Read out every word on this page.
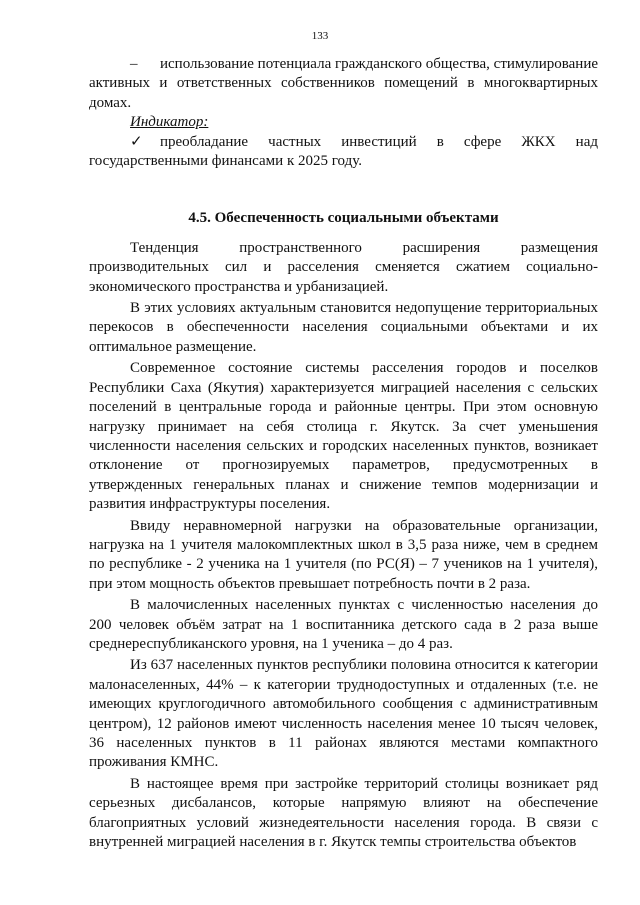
133

– использование потенциала гражданского общества, стимулирование активных и ответственных собственников помещений в многоквартирных домах.

Индикатор:

✓ преобладание частных инвестиций в сфере ЖКХ над государственными финансами к 2025 году.

4.5. Обеспеченность социальными объектами

Тенденция пространственного расширения размещения производительных сил и расселения сменяется сжатием социально-экономического пространства и урбанизацией.

В этих условиях актуальным становится недопущение территориальных перекосов в обеспеченности населения социальными объектами и их оптимальное размещение.

Современное состояние системы расселения городов и поселков Республики Саха (Якутия) характеризуется миграцией населения с сельских поселений в центральные города и районные центры. При этом основную нагрузку принимает на себя столица г. Якутск. За счет уменьшения численности населения сельских и городских населенных пунктов, возникает отклонение от прогнозируемых параметров, предусмотренных в утвержденных генеральных планах и снижение темпов модернизации и развития инфраструктуры поселения.

Ввиду неравномерной нагрузки на образовательные организации, нагрузка на 1 учителя малокомплектных школ в 3,5 раза ниже, чем в среднем по республике - 2 ученика на 1 учителя (по РС(Я) – 7 учеников на 1 учителя), при этом мощность объектов превышает потребность почти в 2 раза.

В малочисленных населенных пунктах с численностью населения до 200 человек объём затрат на 1 воспитанника детского сада в 2 раза выше среднереспубликанского уровня, на 1 ученика – до 4 раз.

Из 637 населенных пунктов республики половина относится к категории малонаселенных, 44% – к категории труднодоступных и отдаленных (т.е. не имеющих круглогодичного автомобильного сообщения с административным центром), 12 районов имеют численность населения менее 10 тысяч человек, 36 населенных пунктов в 11 районах являются местами компактного проживания КМНС.

В настоящее время при застройке территорий столицы возникает ряд серьезных дисбалансов, которые напрямую влияют на обеспечение благоприятных условий жизнедеятельности населения города. В связи с внутренней миграцией населения в г. Якутск темпы строительства объектов
